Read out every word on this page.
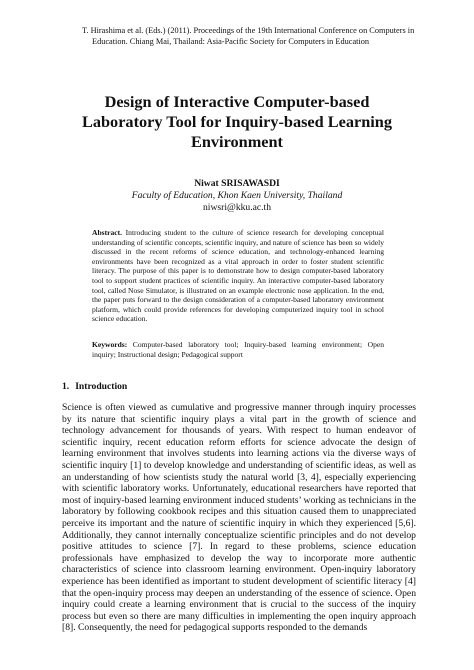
T. Hirashima et al. (Eds.) (2011). Proceedings of the 19th International Conference on Computers in
Education. Chiang Mai, Thailand: Asia-Pacific Society for Computers in Education
Design of Interactive Computer-based
Laboratory Tool for Inquiry-based Learning
Environment
Niwat SRISAWASDI
Faculty of Education, Khon Kaen University, Thailand
niwsri@kku.ac.th
Abstract. Introducing student to the culture of science research for developing conceptual understanding of scientific concepts, scientific inquiry, and nature of science has been so widely discussed in the recent reforms of science education, and technology-enhanced learning environments have been recognized as a vital approach in order to foster student scientific literacy. The purpose of this paper is to demonstrate how to design computer-based laboratory tool to support student practices of scientific inquiry. An interactive computer-based laboratory tool, called Nose Simulator, is illustrated on an example electronic nose application. In the end, the paper puts forward to the design consideration of a computer-based laboratory environment platform, which could provide references for developing computerized inquiry tool in school science education.
Keywords: Computer-based laboratory tool; Inquiry-based learning environment; Open inquiry; Instructional design; Pedagogical support
1. Introduction
Science is often viewed as cumulative and progressive manner through inquiry processes by its nature that scientific inquiry plays a vital part in the growth of science and technology advancement for thousands of years. With respect to human endeavor of scientific inquiry, recent education reform efforts for science advocate the design of learning environment that involves students into learning actions via the diverse ways of scientific inquiry [1] to develop knowledge and understanding of scientific ideas, as well as an understanding of how scientists study the natural world [3, 4], especially experiencing with scientific laboratory works. Unfortunately, educational researchers have reported that most of inquiry-based learning environment induced students’ working as technicians in the laboratory by following cookbook recipes and this situation caused them to unappreciated perceive its important and the nature of scientific inquiry in which they experienced [5,6]. Additionally, they cannot internally conceptualize scientific principles and do not develop positive attitudes to science [7]. In regard to these problems, science education professionals have emphasized to develop the way to incorporate more authentic characteristics of science into classroom learning environment. Open-inquiry laboratory experience has been identified as important to student development of scientific literacy [4] that the open-inquiry process may deepen an understanding of the essence of science. Open inquiry could create a learning environment that is crucial to the success of the inquiry process but even so there are many difficulties in implementing the open inquiry approach [8]. Consequently, the need for pedagogical supports responded to the demands
